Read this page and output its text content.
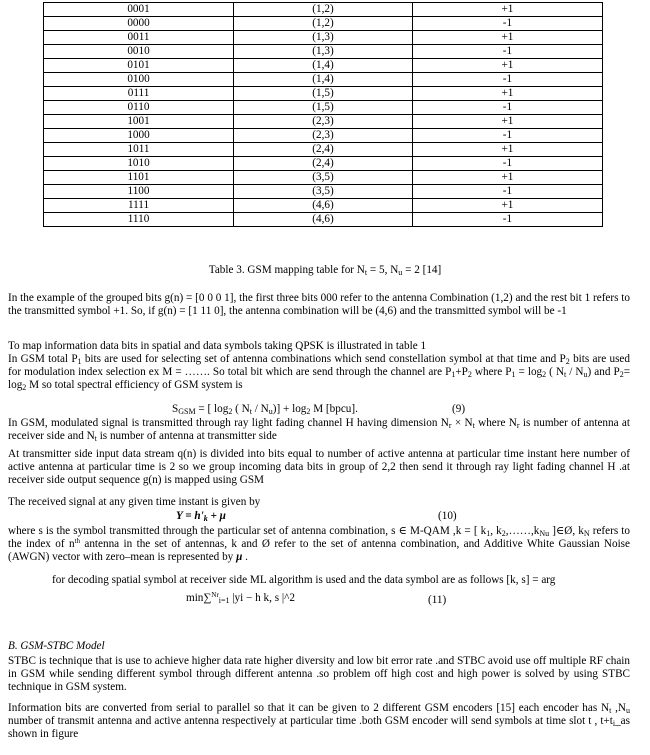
0001	(1,2)	+1
0000	(1,2)	-1
0011	(1,3)	+1
0010	(1,3)	-1
0101	(1,4)	+1
0100	(1,4)	-1
0111	(1,5)	+1
0110	(1,5)	-1
1001	(2,3)	+1
1000	(2,3)	-1
1011	(2,4)	+1
1010	(2,4)	-1
1101	(3,5)	+1
1100	(3,5)	-1
1111	(4,6)	+1
1110	(4,6)	-1
Table 3. GSM mapping table for $N_t = 5$, $N_u = 2$ [14]
In the example of the grouped bits g(n) = [0 0 0 1], the first three bits 000 refer to the antenna Combination (1,2) and the rest bit 1 refers to the transmitted symbol +1. So, if g(n) = [1 11 0], the antenna combination will be (4,6) and the transmitted symbol will be -1
To map information data bits in spatial and data symbols taking QPSK is illustrated in table 1
In GSM total $P_1$ bits are used for selecting set of antenna combinations which send constellation symbol at that time and $P_2$ bits are used for modulation index selection ex M = ……. So total bit which are send through the channel are $P_1+P_2$ where $P_1 = \log_2$ ( $N_t / N_u$) and $P_2= \log_2 M$ so total spectral efficiency of GSM system is
$S_{GSM}$ = [ $\log_2$ ( $N_t / N_u)] + \log_2 M$ [bpcu].	(9)
In GSM, modulated signal is transmitted through ray light fading channel H having dimension $N_r \times N_t$ where $N_r$ is number of antenna at receiver side and $N_t$ is number of antenna at transmitter side
At transmitter side input data stream q(n) is divided into bits equal to number of active antenna at particular time instant here number of active antenna at particular time is 2 so we group incoming data bits in group of 2,2 then send it through ray light fading channel H .at receiver side output sequence g(n) is mapped using GSM
The received signal at any given time instant is given by
$Y = h'_k + \mu$	(10)
where s is the symbol transmitted through the particular set of antenna combination, s ∈ M-QAM ,k = [ $k_1$, $k_2,\dots\dots,k_{Nu}$ ]∈Ø, $k_N$ refers to the index of $n^{th}$ antenna in the set of antennas, k and Ø refer to the set of antenna combination, and Additive White Gaussian Noise (AWGN) vector with zero–mean is represented by μ .
for decoding spatial symbol at receiver side ML algorithm is used and the data symbol are as follows [k, s] = arg
min∑$^{Nr}_{i=1}$ |yi − h k, s |^2	(11)
B. GSM-STBC Model
STBC is technique that is use to achieve higher data rate higher diversity and low bit error rate .and STBC avoid use off multiple RF chain in GSM while sending different symbol through different antenna .so problem off high cost and high power is solved by using STBC technique in GSM system.
Information bits are converted from serial to parallel so that it can be given to 2 different GSM encoders [15] each encoder has $N_t$ $,N_u$ number of transmit antenna and active antenna respectively at particular time .both GSM encoder will send symbols at time slot t , $t+t_i\_as$ shown in figure
